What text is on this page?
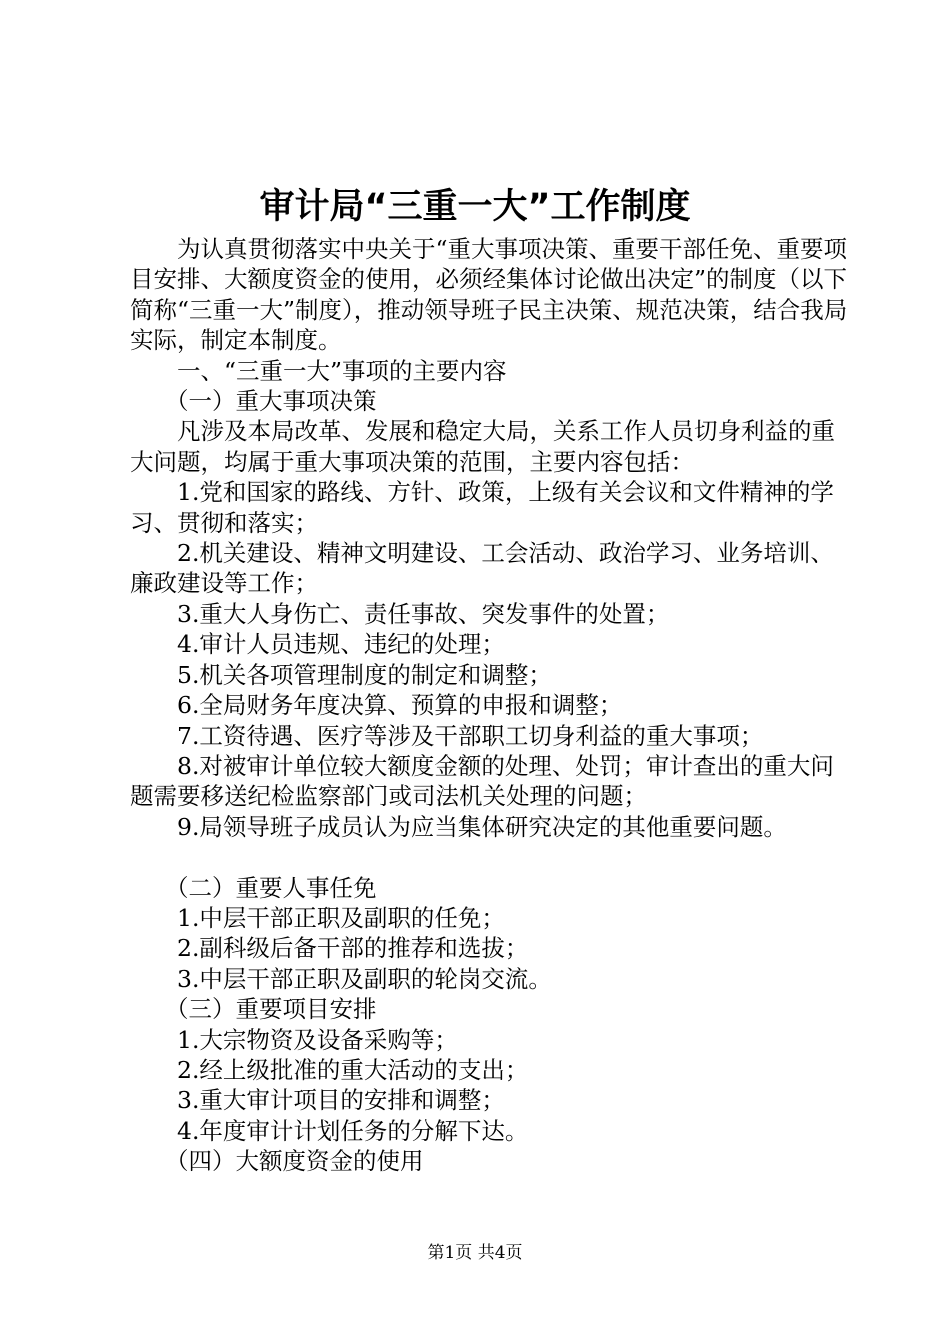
审计局“三重一大”工作制度

为认真贯彻落实中央关于“重大事项决策、重要干部任免、重要项目安排、大额度资金的使用，必须经集体讨论做出决定”的制度（以下简称“三重一大”制度），推动领导班子民主决策、规范决策，结合我局实际，制定本制度。

一、“三重一大”事项的主要内容

（一）重大事项决策

凡涉及本局改革、发展和稳定大局，关系工作人员切身利益的重大问题，均属于重大事项决策的范围，主要内容包括：

1.党和国家的路线、方针、政策，上级有关会议和文件精神的学习、贯彻和落实；

2.机关建设、精神文明建设、工会活动、政治学习、业务培训、廉政建设等工作；

3.重大人身伤亡、责任事故、突发事件的处置；

4.审计人员违规、违纪的处理；

5.机关各项管理制度的制定和调整；

6.全局财务年度决算、预算的申报和调整；

7.工资待遇、医疗等涉及干部职工切身利益的重大事项；

8.对被审计单位较大额度金额的处理、处罚；审计查出的重大问题需要移送纪检监察部门或司法机关处理的问题；

9.局领导班子成员认为应当集体研究决定的其他重要问题。

（二）重要人事任免

1.中层干部正职及副职的任免；

2.副科级后备干部的推荐和选拔；

3.中层干部正职及副职的轮岗交流。

（三）重要项目安排

1.大宗物资及设备采购等；

2.经上级批准的重大活动的支出；

3.重大审计项目的安排和调整；

4.年度审计计划任务的分解下达。

（四）大额度资金的使用

第1页 共4页
